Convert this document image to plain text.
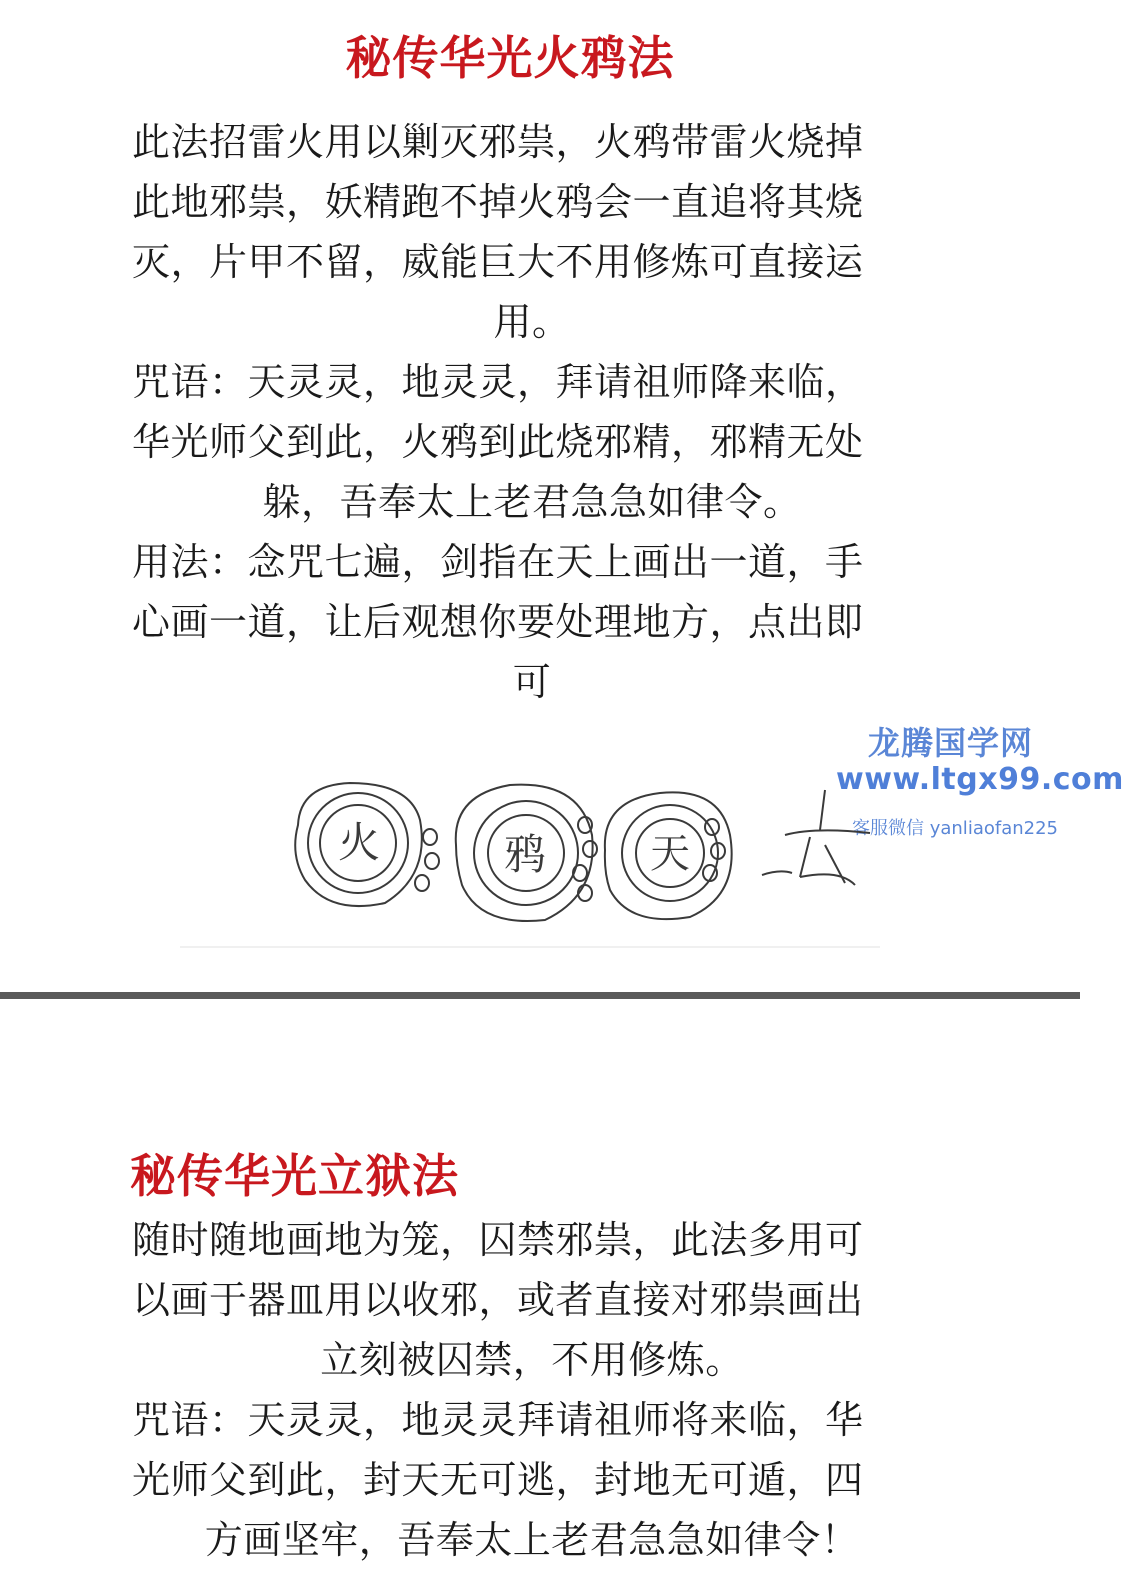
秘传华光火鸦法
此法招雷火用以剿灭邪祟，火鸦带雷火烧掉
此地邪祟，妖精跑不掉火鸦会一直追将其烧
灭，片甲不留，威能巨大不用修炼可直接运
用。
咒语：天灵灵，地灵灵，拜请祖师降来临，
华光师父到此，火鸦到此烧邪精，邪精无处
躲，吾奉太上老君急急如律令。
用法：念咒七遍，剑指在天上画出一道，手
心画一道，让后观想你要处理地方，点出即
可
龙腾国学网
www.ltgx99.com
客服微信 yanliaofan225
火	鸦	天
秘传华光立狱法
随时随地画地为笼，囚禁邪祟，此法多用可
以画于器皿用以收邪，或者直接对邪祟画出
立刻被囚禁，不用修炼。
咒语：天灵灵，地灵灵拜请祖师将来临，华
光师父到此，封天无可逃，封地无可遁，四
方画坚牢，吾奉太上老君急急如律令！
